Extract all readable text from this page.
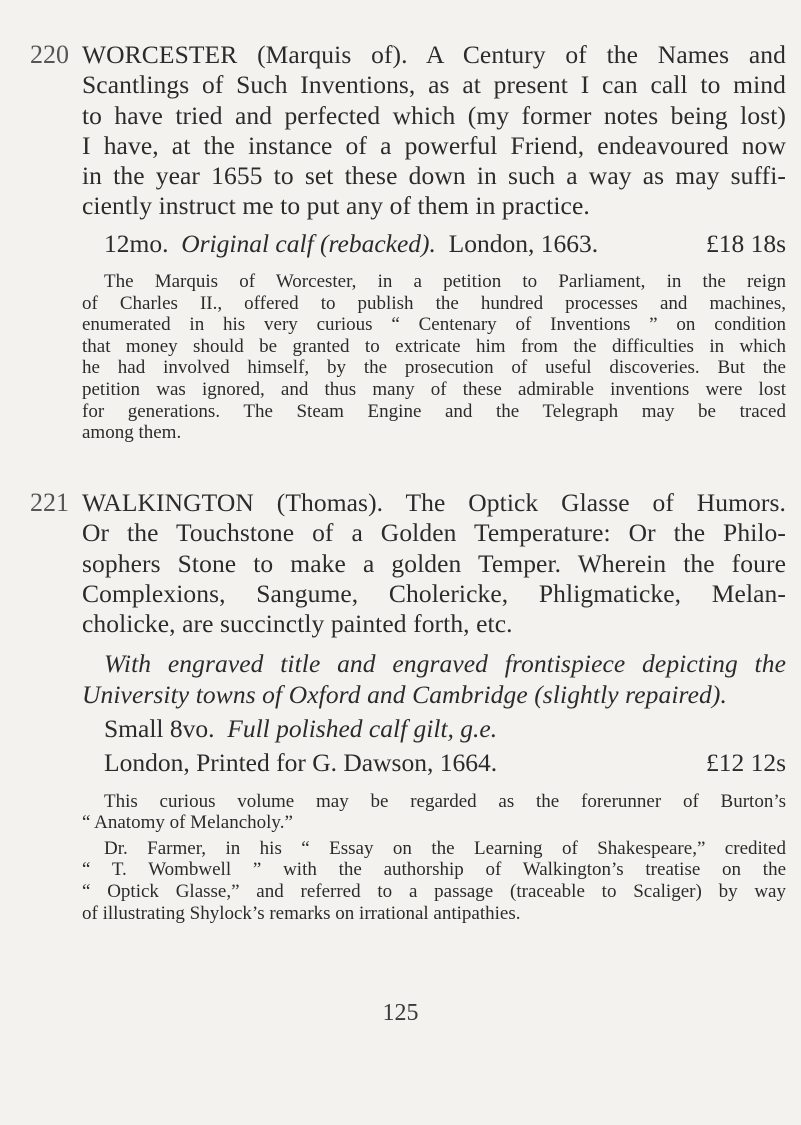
220 WORCESTER (Marquis of). A Century of the Names and
Scantlings of Such Inventions, as at present I can call to mind
to have tried and perfected which (my former notes being lost)
I have, at the instance of a powerful Friend, endeavoured now
in the year 1655 to set these down in such a way as may suffi-
ciently instruct me to put any of them in practice.
12mo. Original calf (rebacked). London, 1663.	£18 18s
The Marquis of Worcester, in a petition to Parliament, in the reign
of Charles II., offered to publish the hundred processes and machines,
enumerated in his very curious “ Centenary of Inventions ” on condition
that money should be granted to extricate him from the difficulties in which
he had involved himself, by the prosecution of useful discoveries. But the
petition was ignored, and thus many of these admirable inventions were lost
for generations. The Steam Engine and the Telegraph may be traced
among them.
221 WALKINGTON (Thomas). The Optick Glasse of Humors.
Or the Touchstone of a Golden Temperature: Or the Philo-
sophers Stone to make a golden Temper. Wherein the foure
Complexions, Sangume, Cholericke, Phligmaticke, Melan-
cholicke, are succinctly painted forth, etc.
With engraved title and engraved frontispiece depicting the
University towns of Oxford and Cambridge (slightly repaired).
Small 8vo. Full polished calf gilt, g.e.
London, Printed for G. Dawson, 1664.	£12 12s
This curious volume may be regarded as the forerunner of Burton’s
“ Anatomy of Melancholy.”
Dr. Farmer, in his “ Essay on the Learning of Shakespeare,” credited
“ T. Wombwell ” with the authorship of Walkington’s treatise on the
“ Optick Glasse,” and referred to a passage (traceable to Scaliger) by way
of illustrating Shylock’s remarks on irrational antipathies.
125
